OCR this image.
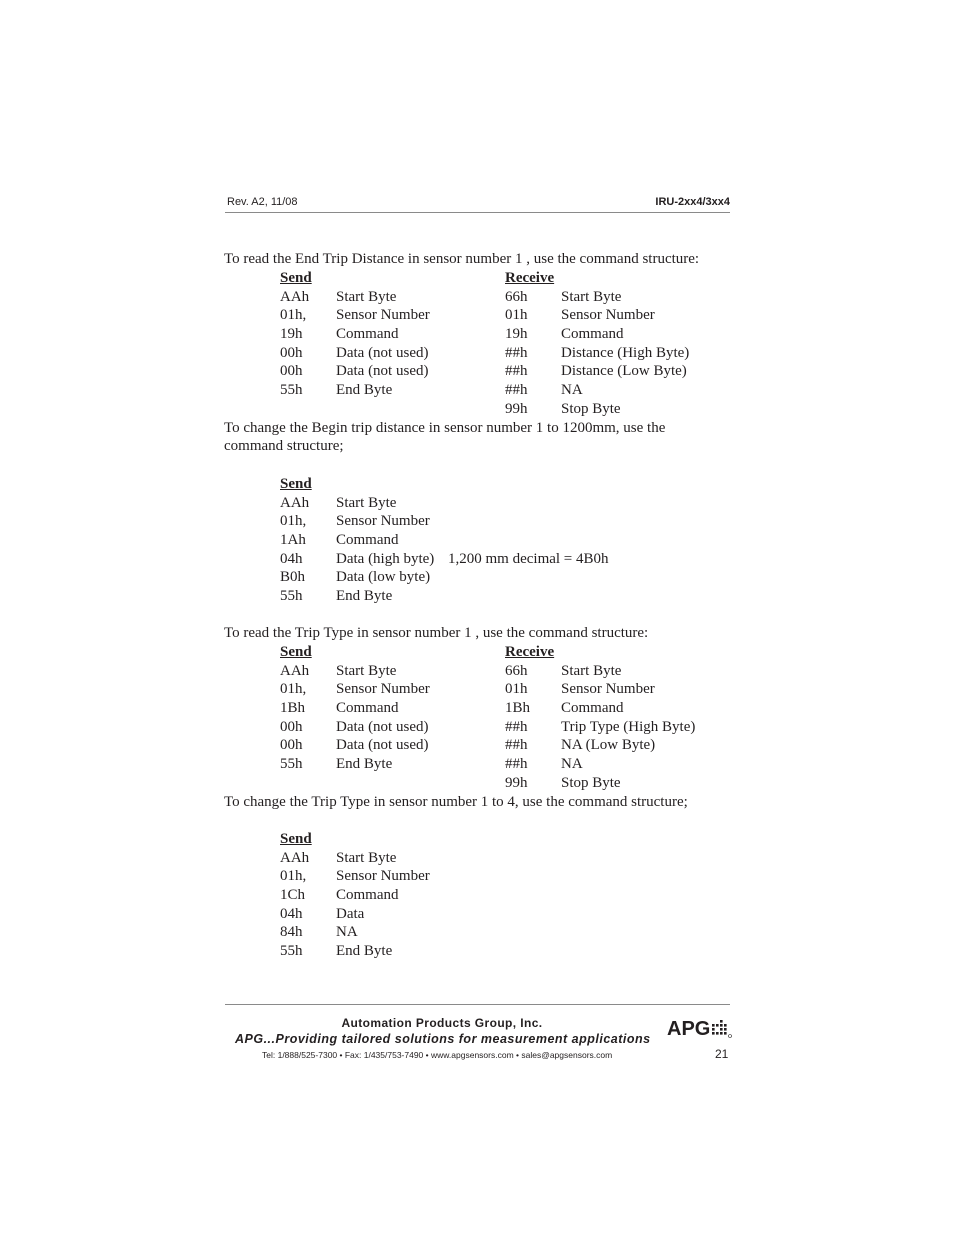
Rev. A2, 11/08	IRU-2xx4/3xx4
To read the End Trip Distance in sensor number 1 , use the command structure:
Send
AAh Start Byte
01h, Sensor Number
19h Command
00h Data (not used)
00h Data (not used)
55h End Byte
Receive
66h Start Byte
01h Sensor Number
19h Command
##h Distance (High Byte)
##h Distance (Low Byte)
##h NA
99h Stop Byte
To change the Begin trip distance in sensor number 1 to 1200mm, use the
command structure;
Send
AAh Start Byte
01h, Sensor Number
1Ah Command
04h Data (high byte) 1,200 mm decimal = 4B0h
B0h Data (low byte)
55h End Byte
To read the Trip Type in sensor number 1 , use the command structure:
Send
AAh Start Byte
01h, Sensor Number
1Bh Command
00h Data (not used)
00h Data (not used)
55h End Byte
Receive
66h Start Byte
01h Sensor Number
1Bh Command
##h Trip Type (High Byte)
##h NA (Low Byte)
##h NA
99h Stop Byte
To change the Trip Type in sensor number 1 to 4, use the command structure;
Send
AAh Start Byte
01h, Sensor Number
1Ch Command
04h Data
84h NA
55h End Byte
Automation Products Group, Inc.
APG...Providing tailored solutions for measurement applications
Tel: 1/888/525-7300 • Fax: 1/435/753-7490 • www.apgsensors.com • sales@apgsensors.com
APG
21
